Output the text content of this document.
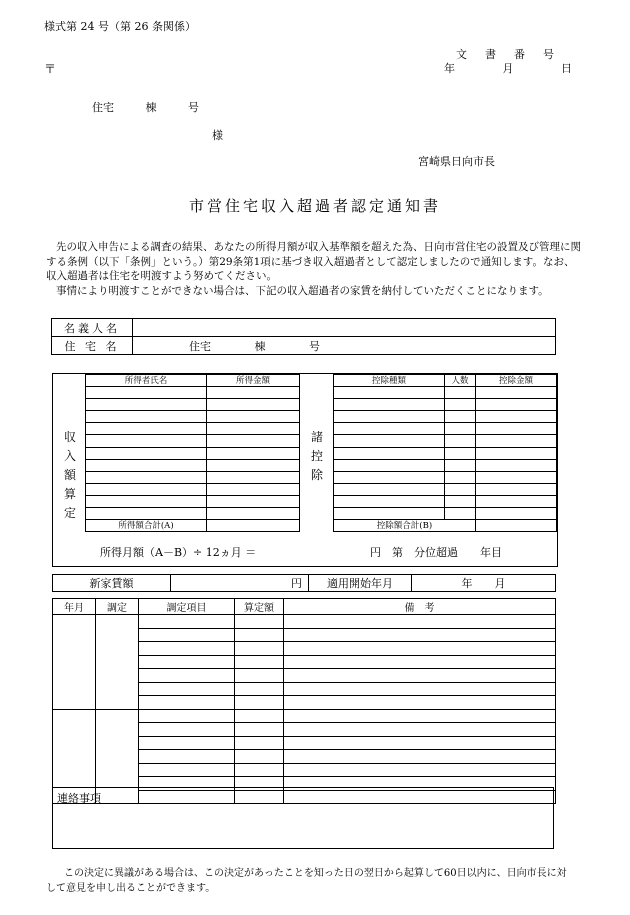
様式第 24 号（第 26 条関係）
文書番号
年	月	日
〒
住宅	棟	号
様
宮崎県日向市長
市営住宅収入超過者認定通知書

先の収入申告による調査の結果、あなたの所得月額が収入基準額を超えた為、日向市営住宅の設置及び管理に関する条例（以下「条例」という。）第29条第1項に基づき収入超過者として認定しましたので通知します。なお、収入超過者は住宅を明渡すよう努めてください。

事情により明渡すことができない場合は、下記の収入超過者の家賃を納付していただくことになります。

名義人名	
住 宅 名	住宅 棟 号
収
入
額
算
定
所得者氏名	所得金額

所得額合計(A)	
諸
控
除
控除種類	人数	控除金額

控除額合計(B)		
所得月額（A－B）÷ 12ヵ月 ＝	円　第　分位超過　　年目
新家賃額	円	適用開始年月	年　　月
年月	調定	調定項目	算定額	備　考

連絡事項
この決定に異議がある場合は、この決定があったことを知った日の翌日から起算して60日以内に、日向市長に対して意見を申し出ることができます。
